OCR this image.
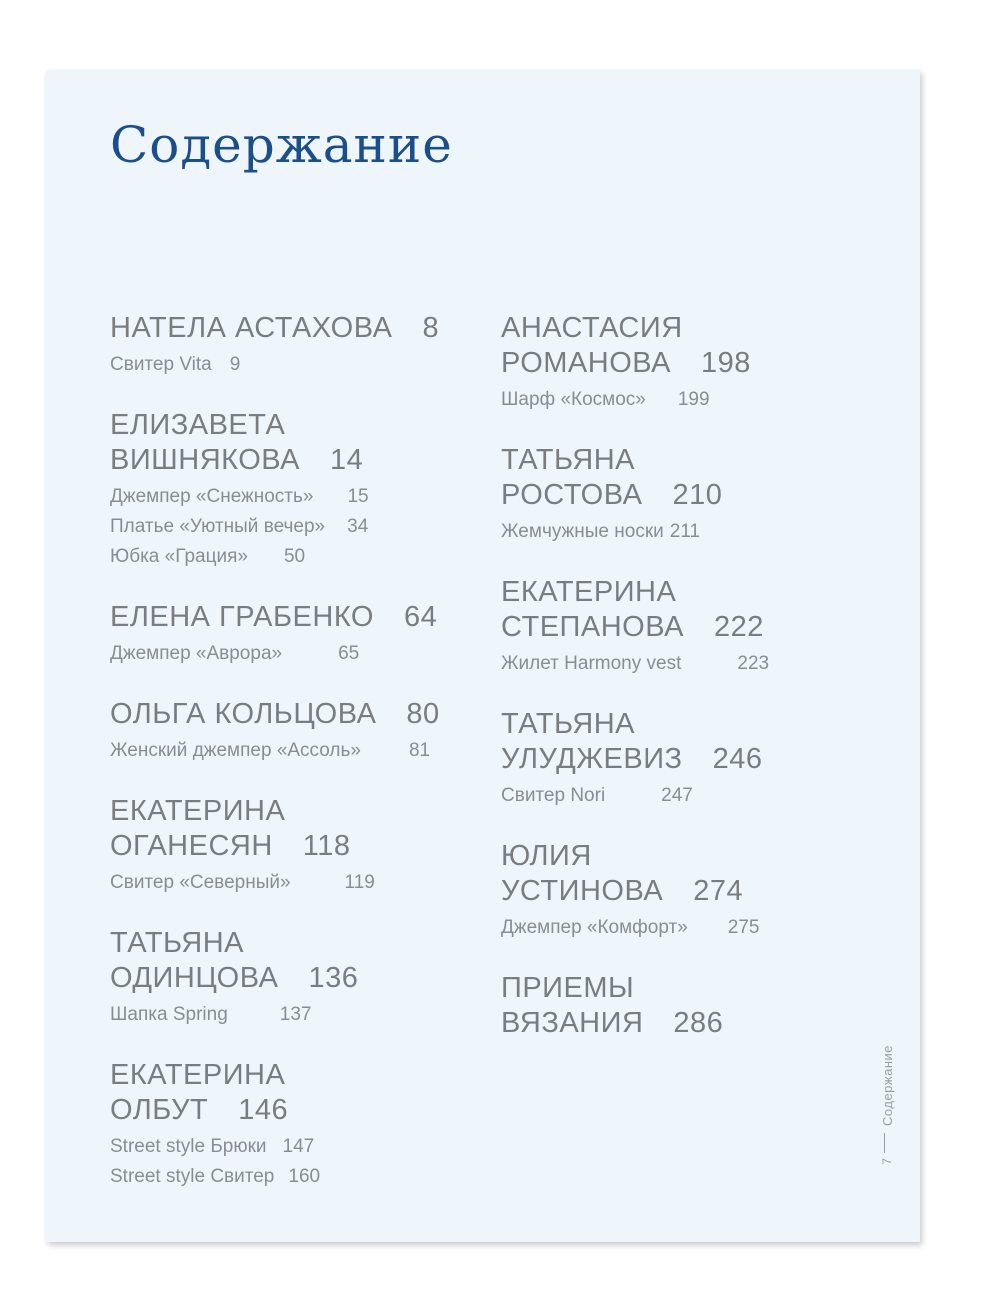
Содержание
НАТЕЛА АСТАХОВА 8
Свитер Vita 9
ЕЛИЗАВЕТА
ВИШНЯКОВА 14
Джемпер «Снежность» 15
Платье «Уютный вечер» 34
Юбка «Грация» 50
ЕЛЕНА ГРАБЕНКО 64
Джемпер «Аврора»	65
ОЛЬГА КОЛЬЦОВА 80
Женский джемпер «Ассоль»	81
ЕКАТЕРИНА
ОГАНЕСЯН 118
Свитер «Северный»	119
ТАТЬЯНА
ОДИНЦОВА 136
Шапка Spring	137
ЕКАТЕРИНА
ОЛБУТ 146
Street style Брюки 147
Street style Свитер 160
АНАСТАСИЯ
РОМАНОВА 198
Шарф «Космос» 199
ТАТЬЯНА
РОСТОВА 210
Жемчужные носки 211
ЕКАТЕРИНА
СТЕПАНОВА 222
Жилет Harmony vest	223
ТАТЬЯНА
УЛУДЖЕВИЗ 246
Свитер Nori	247
ЮЛИЯ
УСТИНОВА 274
Джемпер «Комфорт» 275
ПРИЕМЫ
ВЯЗАНИЯ 286
Содержание
7
